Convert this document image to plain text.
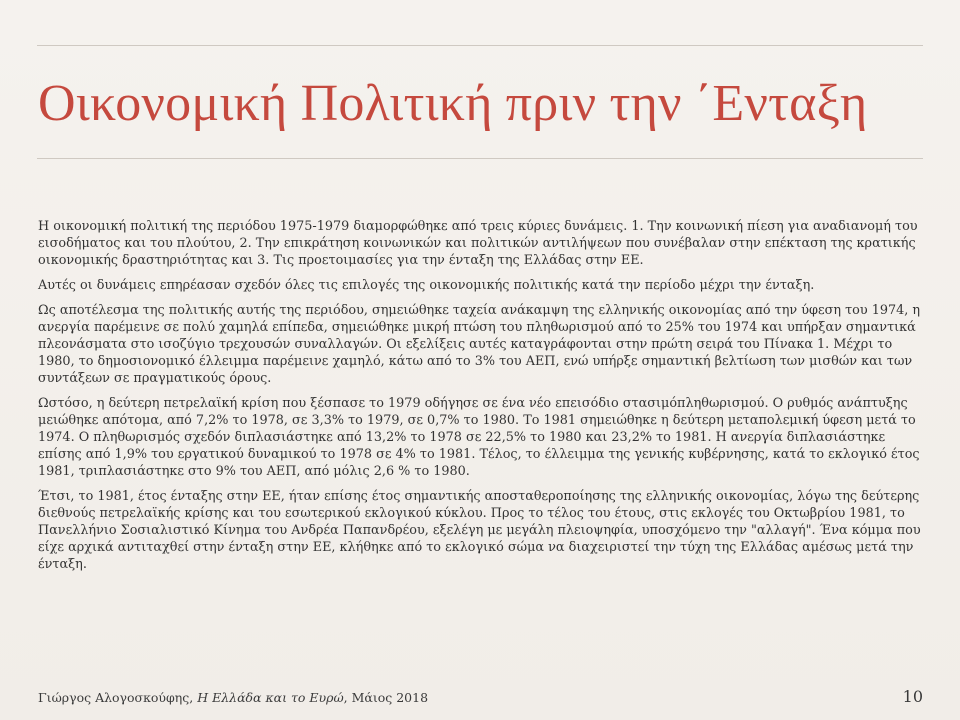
Οικονομική Πολιτική πριν την ΄Ενταξη

Η οικονομική πολιτική της περιόδου 1975-1979 διαμορφώθηκε από τρεις κύριες δυνάμεις. 1. Την κοινωνική πίεση για αναδιανομή του εισοδήματος και του πλούτου, 2. Την επικράτηση κοινωνικών και πολιτικών αντιλήψεων που συνέβαλαν στην επέκταση της κρατικής οικονομικής δραστηριότητας και 3. Τις προετοιμασίες για την ένταξη της Ελλάδας στην ΕΕ.

Αυτές οι δυνάμεις επηρέασαν σχεδόν όλες τις επιλογές της οικονομικής πολιτικής κατά την περίοδο μέχρι την ένταξη.

Ως αποτέλεσμα της πολιτικής αυτής της περιόδου, σημειώθηκε ταχεία ανάκαμψη της ελληνικής οικονομίας από την ύφεση του 1974, η ανεργία παρέμεινε σε πολύ χαμηλά επίπεδα, σημειώθηκε μικρή πτώση του πληθωρισμού από το 25% του 1974 και υπήρξαν σημαντικά πλεονάσματα στο ισοζύγιο τρεχουσών συναλλαγών. Οι εξελίξεις αυτές καταγράφονται στην πρώτη σειρά του Πίνακα 1. Μέχρι το 1980, το δημοσιονομικό έλλειμμα παρέμεινε χαμηλό, κάτω από το 3% του ΑΕΠ, ενώ υπήρξε σημαντική βελτίωση των μισθών και των συντάξεων σε πραγματικούς όρους.

Ωστόσο, η δεύτερη πετρελαϊκή κρίση που ξέσπασε το 1979 οδήγησε σε ένα νέο επεισόδιο στασιμόπληθωρισμού. Ο ρυθμός ανάπτυξης μειώθηκε απότομα, από 7,2% το 1978, σε 3,3% το 1979, σε 0,7% το 1980. Το 1981 σημειώθηκε η δεύτερη μεταπολεμική ύφεση μετά το 1974. Ο πληθωρισμός σχεδόν διπλασιάστηκε από 13,2% το 1978 σε 22,5% το 1980 και 23,2% το 1981. Η ανεργία διπλασιάστηκε επίσης από 1,9% του εργατικού δυναμικού το 1978 σε 4% το 1981. Τέλος, το έλλειμμα της γενικής κυβέρνησης, κατά το εκλογικό έτος 1981, τριπλασιάστηκε στο 9% του ΑΕΠ, από μόλις 2,6 % το 1980.

Έτσι, το 1981, έτος ένταξης στην ΕΕ, ήταν επίσης έτος σημαντικής αποσταθεροποίησης της ελληνικής οικονομίας, λόγω της δεύτερης διεθνούς πετρελαϊκής κρίσης και του εσωτερικού εκλογικού κύκλου. Προς το τέλος του έτους, στις εκλογές του Οκτωβρίου 1981, το Πανελλήνιο Σοσιαλιστικό Κίνημα του Ανδρέα Παπανδρέου, εξελέγη με μεγάλη πλειοψηφία, υποσχόμενο την "αλλαγή". Ένα κόμμα που είχε αρχικά αντιταχθεί στην ένταξη στην ΕΕ, κλήθηκε από το εκλογικό σώμα να διαχειριστεί την τύχη της Ελλάδας αμέσως μετά την ένταξη.

Γιώργος Αλογοσκούφης, Η Ελλάδα και το Ευρώ, Μάιος 2018	10
